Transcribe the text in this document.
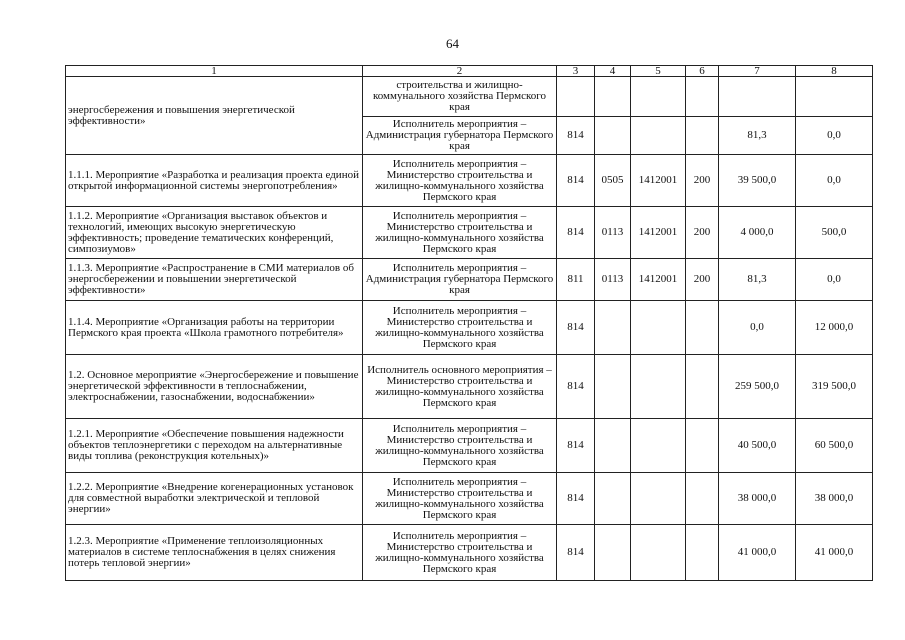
64
1	2	3	4	5	6	7	8
энергосбережения и повышения энергетической эффективности»	строительства и жилищно-коммунального хозяйства Пермского края						
	Исполнитель мероприятия – Администрация губернатора Пермского края	814				81,3	0,0
1.1.1. Мероприятие «Разработка и реализация проекта единой открытой информационной системы энергопотребления»	Исполнитель мероприятия – Министерство строительства и жилищно-коммунального хозяйства Пермского края	814	0505	1412001	200	39 500,0	0,0
1.1.2. Мероприятие «Организация выставок объектов и технологий, имеющих высокую энергетическую эффективность; проведение тематических конференций, симпозиумов»	Исполнитель мероприятия – Министерство строительства и жилищно-коммунального хозяйства Пермского края	814	0113	1412001	200	4 000,0	500,0
1.1.3. Мероприятие «Распространение в СМИ материалов об энергосбережении и повышении энергетической эффективности»	Исполнитель мероприятия – Администрация губернатора Пермского края	811	0113	1412001	200	81,3	0,0
1.1.4. Мероприятие «Организация работы на территории Пермского края проекта «Школа грамотного потребителя»	Исполнитель мероприятия – Министерство строительства и жилищно-коммунального хозяйства Пермского края	814				0,0	12 000,0
1.2. Основное мероприятие «Энергосбережение и повышение энергетической эффективности в теплоснабжении, электроснабжении, газоснабжении, водоснабжении»	Исполнитель основного мероприятия – Министерство строительства и жилищно-коммунального хозяйства Пермского края	814				259 500,0	319 500,0
1.2.1. Мероприятие «Обеспечение повышения надежности объектов теплоэнергетики с переходом на альтернативные виды топлива (реконструкция котельных)»	Исполнитель мероприятия – Министерство строительства и жилищно-коммунального хозяйства Пермского края	814				40 500,0	60 500,0
1.2.2. Мероприятие «Внедрение когенерационных установок для совместной выработки электрической и тепловой энергии»	Исполнитель мероприятия – Министерство строительства и жилищно-коммунального хозяйства Пермского края	814				38 000,0	38 000,0
1.2.3. Мероприятие «Применение теплоизоляционных материалов в системе теплоснабжения в целях снижения потерь тепловой энергии»	Исполнитель мероприятия – Министерство строительства и жилищно-коммунального хозяйства Пермского края	814				41 000,0	41 000,0
